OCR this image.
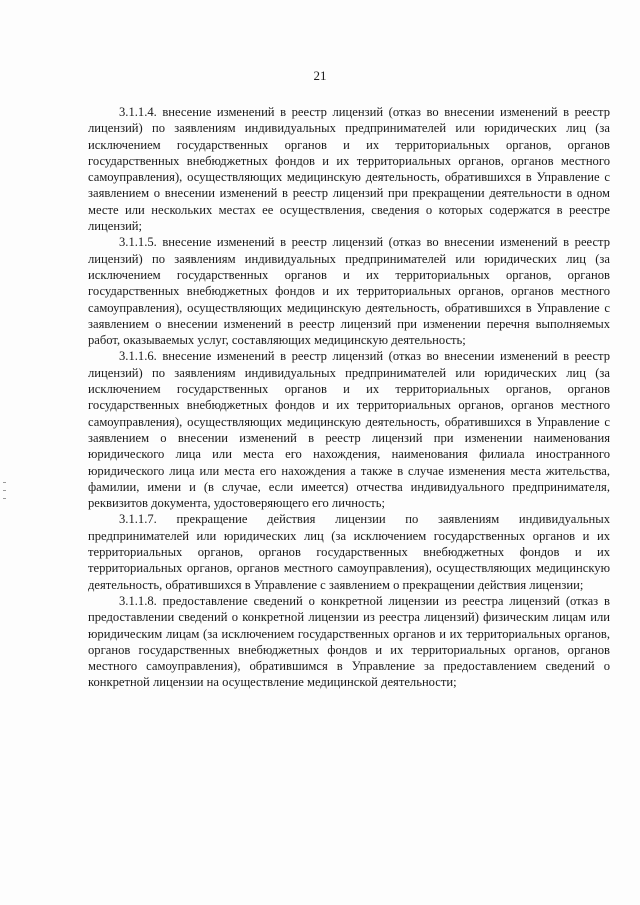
21

3.1.1.4. внесение изменений в реестр лицензий (отказ во внесении изменений в реестр лицензий) по заявлениям индивидуальных предпринимателей или юридических лиц (за исключением государственных органов и их территориальных органов, органов государственных внебюджетных фондов и их территориальных органов, органов местного самоуправления), осуществляющих медицинскую деятельность, обратившихся в Управление с заявлением о внесении изменений в реестр лицензий при прекращении деятельности в одном месте или нескольких местах ее осуществления, сведения о которых содержатся в реестре лицензий;

3.1.1.5. внесение изменений в реестр лицензий (отказ во внесении изменений в реестр лицензий) по заявлениям индивидуальных предпринимателей или юридических лиц (за исключением государственных органов и их территориальных органов, органов государственных внебюджетных фондов и их территориальных органов, органов местного самоуправления), осуществляющих медицинскую деятельность, обратившихся в Управление с заявлением о внесении изменений в реестр лицензий при изменении перечня выполняемых работ, оказываемых услуг, составляющих медицинскую деятельность;

3.1.1.6. внесение изменений в реестр лицензий (отказ во внесении изменений в реестр лицензий) по заявлениям индивидуальных предпринимателей или юридических лиц (за исключением государственных органов и их территориальных органов, органов государственных внебюджетных фондов и их территориальных органов, органов местного самоуправления), осуществляющих медицинскую деятельность, обратившихся в Управление с заявлением о внесении изменений в реестр лицензий при изменении наименования юридического лица или места его нахождения, наименования филиала иностранного юридического лица или места его нахождения а также в случае изменения места жительства, фамилии, имени и (в случае, если имеется) отчества индивидуального предпринимателя, реквизитов документа, удостоверяющего его личность;

3.1.1.7. прекращение действия лицензии по заявлениям индивидуальных предпринимателей или юридических лиц (за исключением государственных органов и их территориальных органов, органов государственных внебюджетных фондов и их территориальных органов, органов местного самоуправления), осуществляющих медицинскую деятельность, обратившихся в Управление с заявлением о прекращении действия лицензии;

3.1.1.8. предоставление сведений о конкретной лицензии из реестра лицензий (отказ в предоставлении сведений о конкретной лицензии из реестра лицензий) физическим лицам или юридическим лицам (за исключением государственных органов и их территориальных органов, органов государственных внебюджетных фондов и их территориальных органов, органов местного самоуправления), обратившимся в Управление за предоставлением сведений о конкретной лицензии на осуществление медицинской деятельности;
